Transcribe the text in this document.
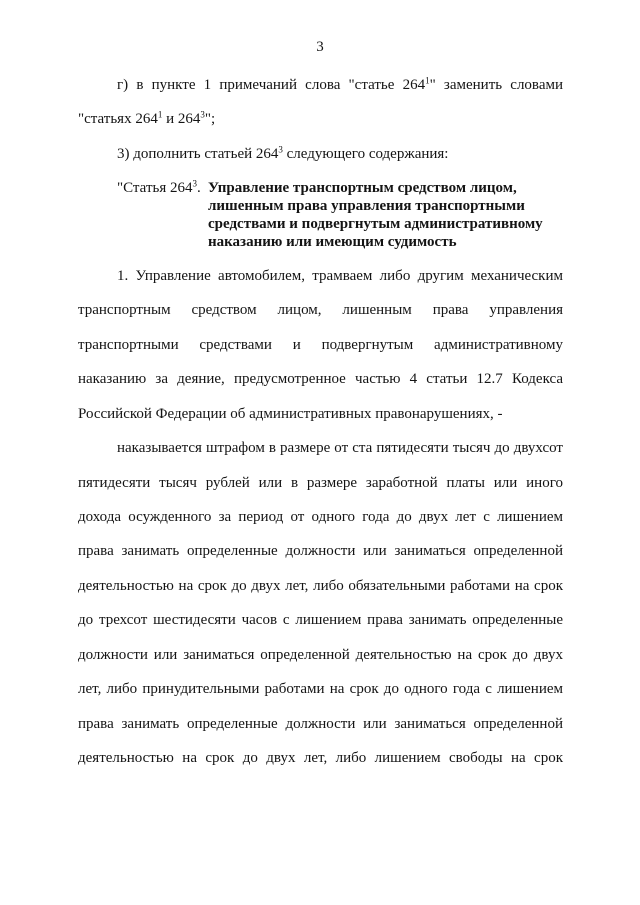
3
г) в пункте 1 примечаний слова "статье $264^1$" заменить словами
"статьях $264^1$ и $264^3$";
3) дополнить статьей $264^3$ следующего содержания:
"Статья $264^3$. Управление транспортным средством лицом,
лишенным права управления транспортными
средствами и подвергнутым административному
наказанию или имеющим судимость
1. Управление автомобилем, трамваем либо другим механическим
транспортным средством лицом, лишенным права управления
транспортными средствами и подвергнутым административному
наказанию за деяние, предусмотренное частью 4 статьи 12.7 Кодекса
Российской Федерации об административных правонарушениях, -
наказывается штрафом в размере от ста пятидесяти тысяч до двухсот
пятидесяти тысяч рублей или в размере заработной платы или иного
дохода осужденного за период от одного года до двух лет с лишением
права занимать определенные должности или заниматься определенной
деятельностью на срок до двух лет, либо обязательными работами на срок
до трехсот шестидесяти часов с лишением права занимать определенные
должности или заниматься определенной деятельностью на срок до двух
лет, либо принудительными работами на срок до одного года с лишением
права занимать определенные должности или заниматься определенной
деятельностью на срок до двух лет, либо лишением свободы на срок
